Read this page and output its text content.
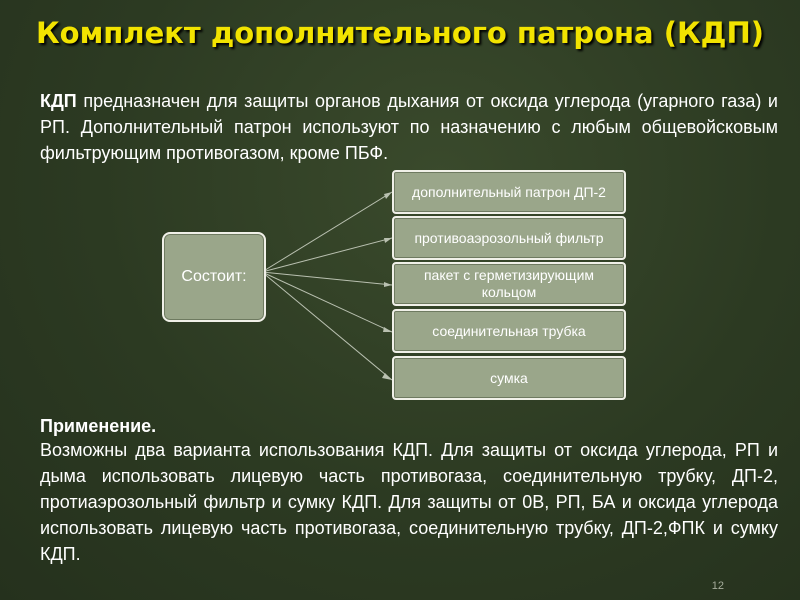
Комплект дополнительного патрона (КДП)
КДП предназначен для защиты органов дыхания от оксида углерода (угарного газа) и РП. Дополнительный патрон используют по назначению с любым общевойсковым фильтрующим противогазом, кроме ПБФ.
Состоит:
дополнительный патрон ДП-2
противоаэрозольный фильтр
пакет с герметизирующим кольцом
соединительная трубка
сумка
Применение.
Возможны два варианта использования КДП. Для защиты от оксида углерода, РП и дыма использовать лицевую часть противогаза, соединительную трубку, ДП-2, протиаэрозольный фильтр и сумку КДП. Для защиты от 0В, РП, БА и оксида углерода использовать лицевую часть противогаза, соединительную трубку, ДП-2,ФПК и сумку КДП.
12
